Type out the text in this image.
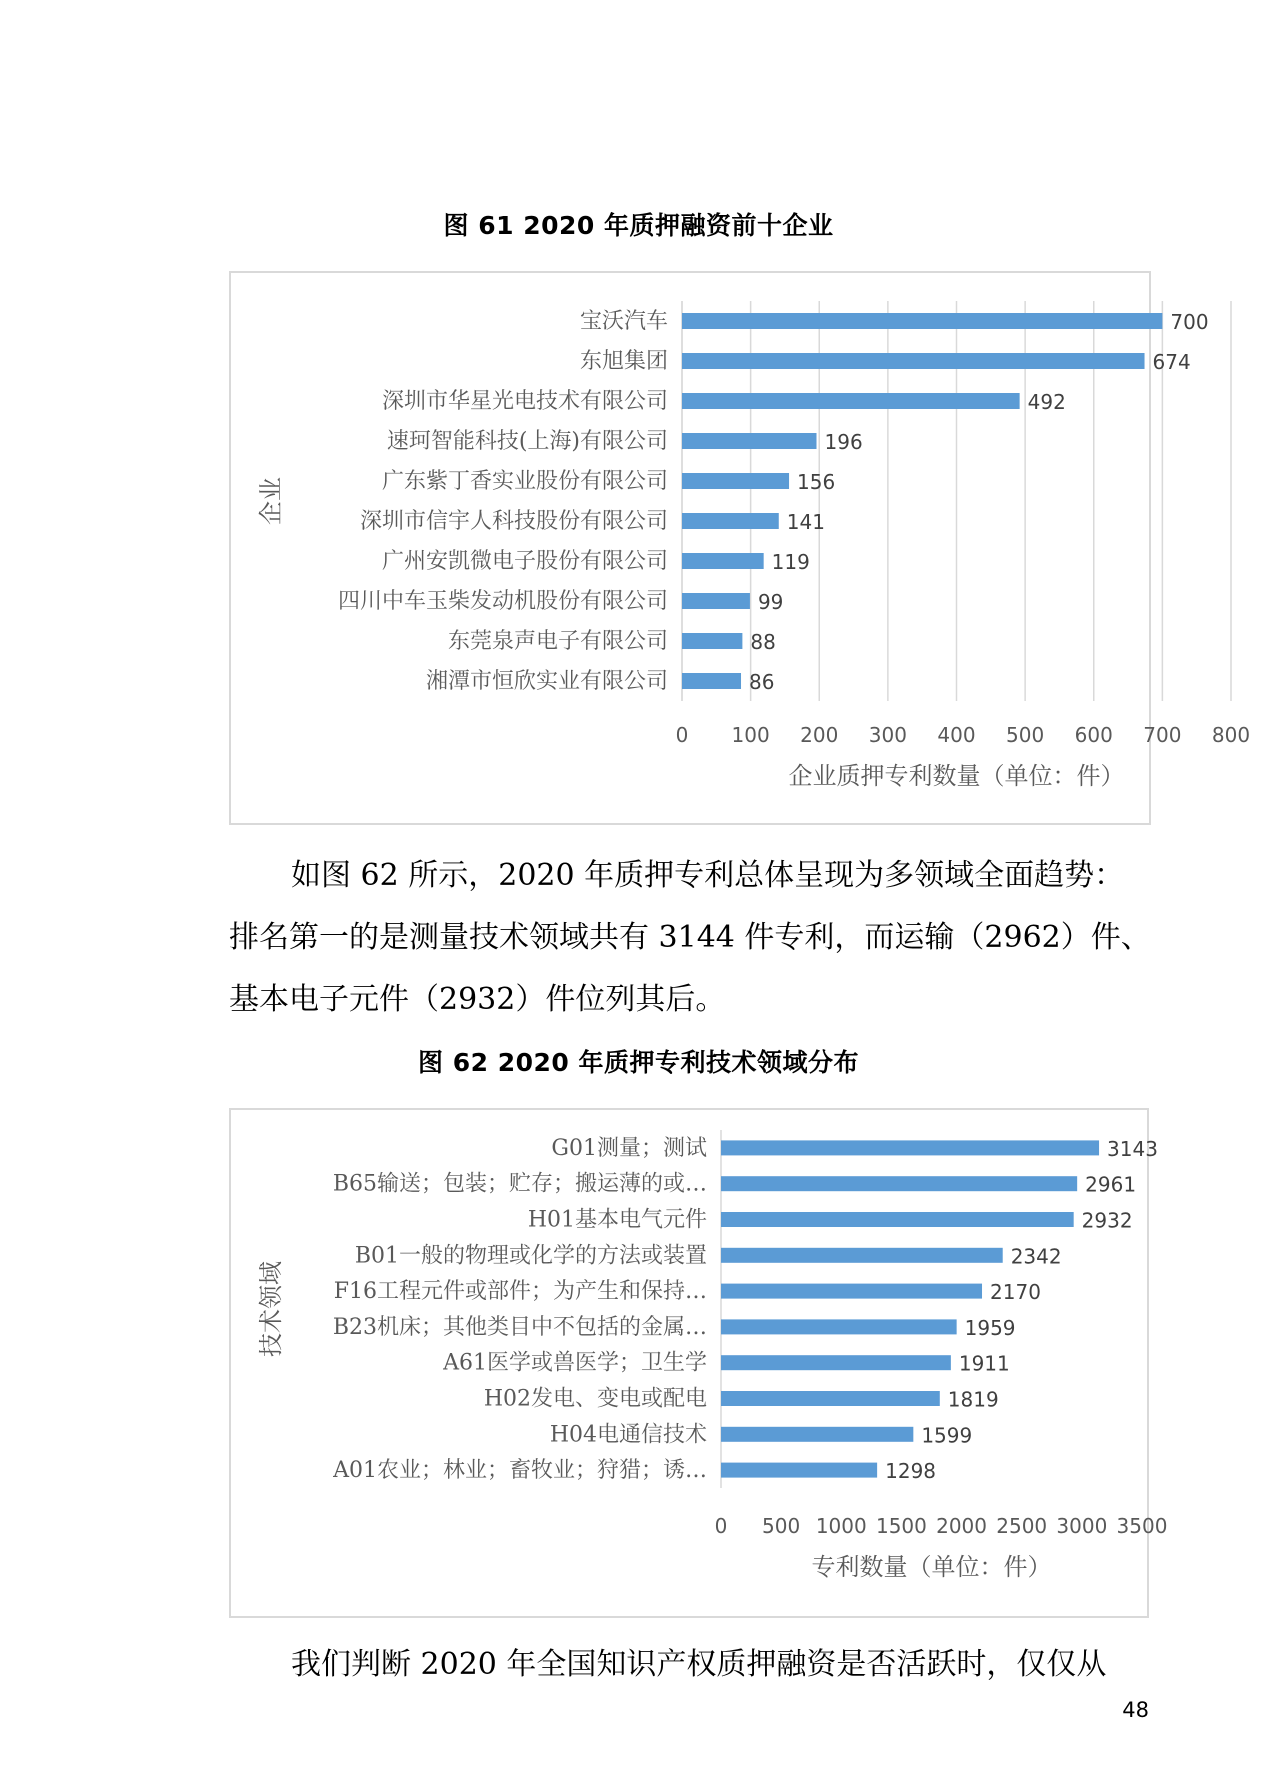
图 61 2020 年质押融资前十企业
宝沃汽车	700
东旭集团	674
深圳市华星光电技术有限公司	492
速珂智能科技(上海)有限公司	196
广东紫丁香实业股份有限公司	156
深圳市信宇人科技股份有限公司	141
广州安凯微电子股份有限公司	119
四川中车玉柴发动机股份有限公司	99
东莞泉声电子有限公司	88
湘潭市恒欣实业有限公司	86
0 100 200 300 400 500 600 700 800
企业质押专利数量（单位：件）
企业
如图 62 所示，2020 年质押专利总体呈现为多领域全面趋势：
排名第一的是测量技术领域共有 3144 件专利，而运输（2962）件、
基本电子元件（2932）件位列其后。
图 62 2020 年质押专利技术领域分布
G01测量；测试	3143
B65输送；包装；贮存；搬运薄的或…	2961
H01基本电气元件	2932
B01一般的物理或化学的方法或装置	2342
F16工程元件或部件；为产生和保持…	2170
B23机床；其他类目中不包括的金属…	1959
A61医学或兽医学；卫生学	1911
H02发电、变电或配电	1819
H04电通信技术	1599
A01农业；林业；畜牧业；狩猎；诱…	1298
0 500 1000 1500 2000 2500 3000 3500
专利数量（单位：件）
技术领域
我们判断 2020 年全国知识产权质押融资是否活跃时，仅仅从
48
